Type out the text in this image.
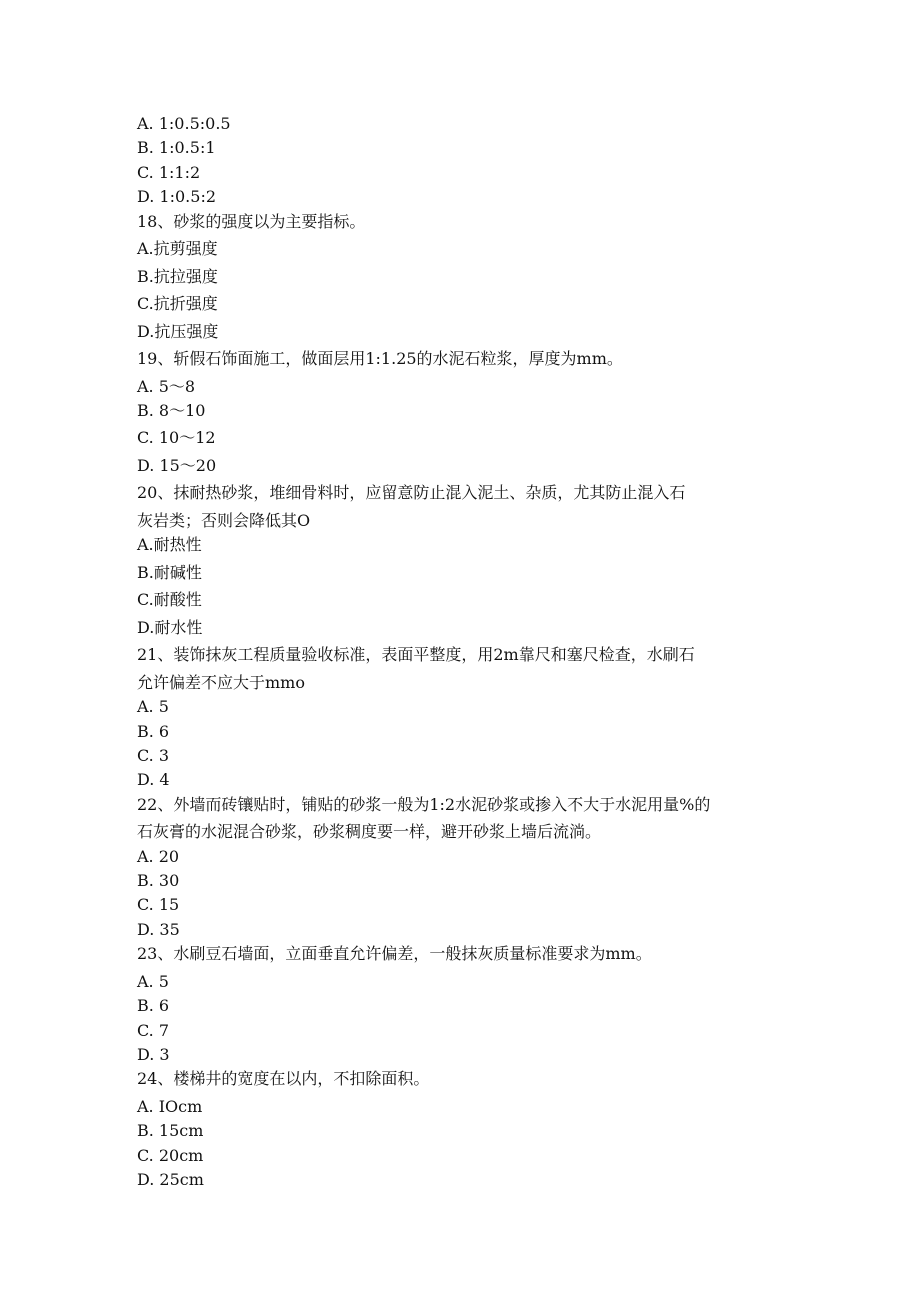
A. 1:0.5:0.5
B. 1:0.5:1
C. 1:1:2
D. 1:0.5:2
18、砂浆的强度以为主要指标。
A.抗剪强度
B.抗拉强度
C.抗折强度
D.抗压强度
19、斩假石饰面施工，做面层用1:1.25的水泥石粒浆，厚度为mm。
A. 5～8
B. 8～10
C. 10～12
D. 15～20
20、抹耐热砂浆，堆细骨料时，应留意防止混入泥土、杂质，尤其防止混入石
灰岩类；否则会降低其O
A.耐热性
B.耐碱性
C.耐酸性
D.耐水性
21、装饰抹灰工程质量验收标准，表面平整度，用2m靠尺和塞尺检查，水刷石
允许偏差不应大于mmo
A. 5
B. 6
C. 3
D. 4
22、外墙而砖镶贴时，铺贴的砂浆一般为1:2水泥砂浆或掺入不大于水泥用量%的
石灰膏的水泥混合砂浆，砂浆稠度要一样，避开砂浆上墙后流淌。
A. 20
B. 30
C. 15
D. 35
23、水刷豆石墙面，立面垂直允许偏差，一般抹灰质量标准要求为mm。
A. 5
B. 6
C. 7
D. 3
24、楼梯井的宽度在以内，不扣除面积。
A. IOcm
B. 15cm
C. 20cm
D. 25cm
